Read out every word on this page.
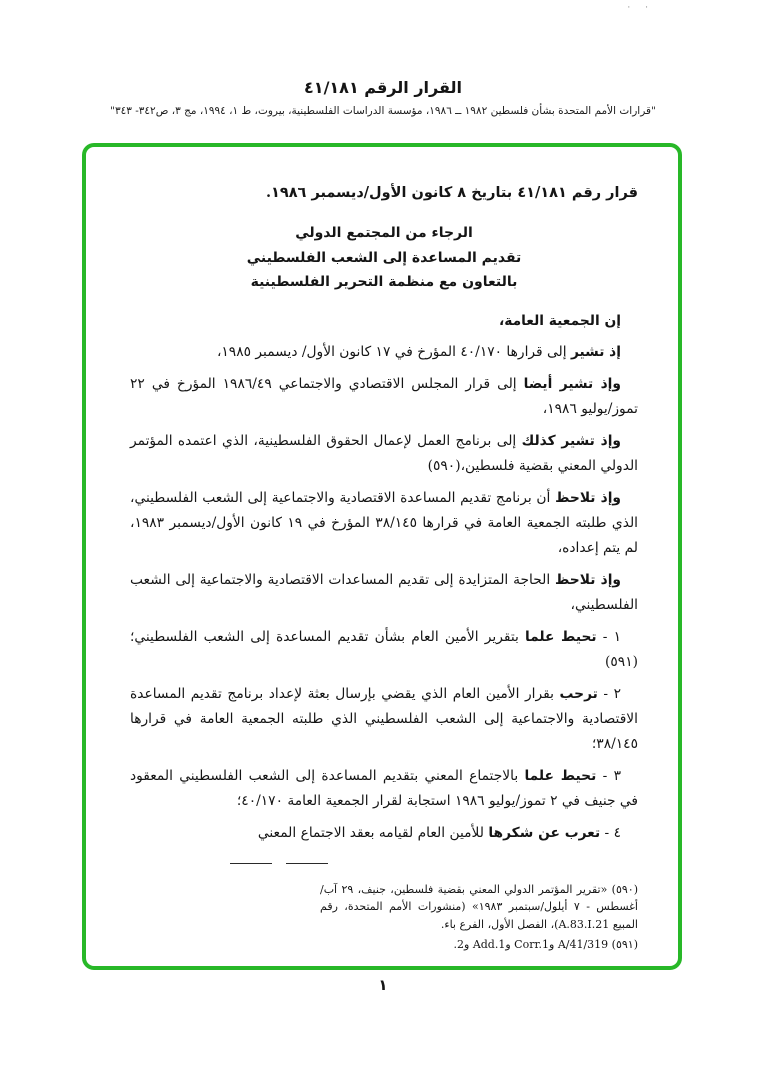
· ·
القرار الرقم ٤١/١٨١
"قرارات الأمم المتحدة بشأن فلسطين ١٩٨٢ ــ ١٩٨٦، مؤسسة الدراسات الفلسطينية، بيروت، ط ١، ١٩٩٤، مج ٣، ص٣٤٢- ٣٤٣"
قرار رقم ٤١/١٨١ بتاريخ ٨ كانون الأول/ديسمبر ١٩٨٦.
الرجاء من المجتمع الدولي
تقديم المساعدة إلى الشعب الفلسطيني
بالتعاون مع منظمة التحرير الفلسطينية

إن الجمعية العامة،

إذ تشير إلى قرارها ٤٠/١٧٠ المؤرخ في ١٧ كانون الأول/ ديسمبر ١٩٨٥،

وإذ تشير أيضا إلى قرار المجلس الاقتصادي والاجتماعي ١٩٨٦/٤٩ المؤرخ في ٢٢ تموز/يوليو ١٩٨٦،

وإذ تشير كذلك إلى برنامج العمل لإعمال الحقوق الفلسطينية، الذي اعتمده المؤتمر الدولي المعني بقضية فلسطين،(٥٩٠)

وإذ تلاحظ أن برنامج تقديم المساعدة الاقتصادية والاجتماعية إلى الشعب الفلسطيني، الذي طلبته الجمعية العامة في قرارها ٣٨/١٤٥ المؤرخ في ١٩ كانون الأول/ديسمبر ١٩٨٣، لم يتم إعداده،

وإذ تلاحظ الحاجة المتزايدة إلى تقديم المساعدات الاقتصادية والاجتماعية إلى الشعب الفلسطيني،

١ - تحيط علما بتقرير الأمين العام بشأن تقديم المساعدة إلى الشعب الفلسطيني؛(٥٩١)

٢ - ترحب بقرار الأمين العام الذي يقضي بإرسال بعثة لإعداد برنامج تقديم المساعدة الاقتصادية والاجتماعية إلى الشعب الفلسطيني الذي طلبته الجمعية العامة في قرارها ٣٨/١٤٥؛

٣ - تحيط علما بالاجتماع المعني بتقديم المساعدة إلى الشعب الفلسطيني المعقود في جنيف في ٢ تموز/يوليو ١٩٨٦ استجابة لقرار الجمعية العامة ٤٠/١٧٠؛

٤ - تعرب عن شكرها للأمين العام لقيامه بعقد الاجتماع المعني

(٥٩٠) «تقرير المؤتمر الدولي المعني بقضية فلسطين، جنيف، ٢٩ آب/ أغسطس - ٧ أيلول/سبتمبر ١٩٨٣» (منشورات الأمم المتحدة، رقم المبيع A.83.I.21)، الفصل الأول، الفرع باء.

(٥٩١) A/41/319 وCorr.1 وAdd.1 و2.

١
